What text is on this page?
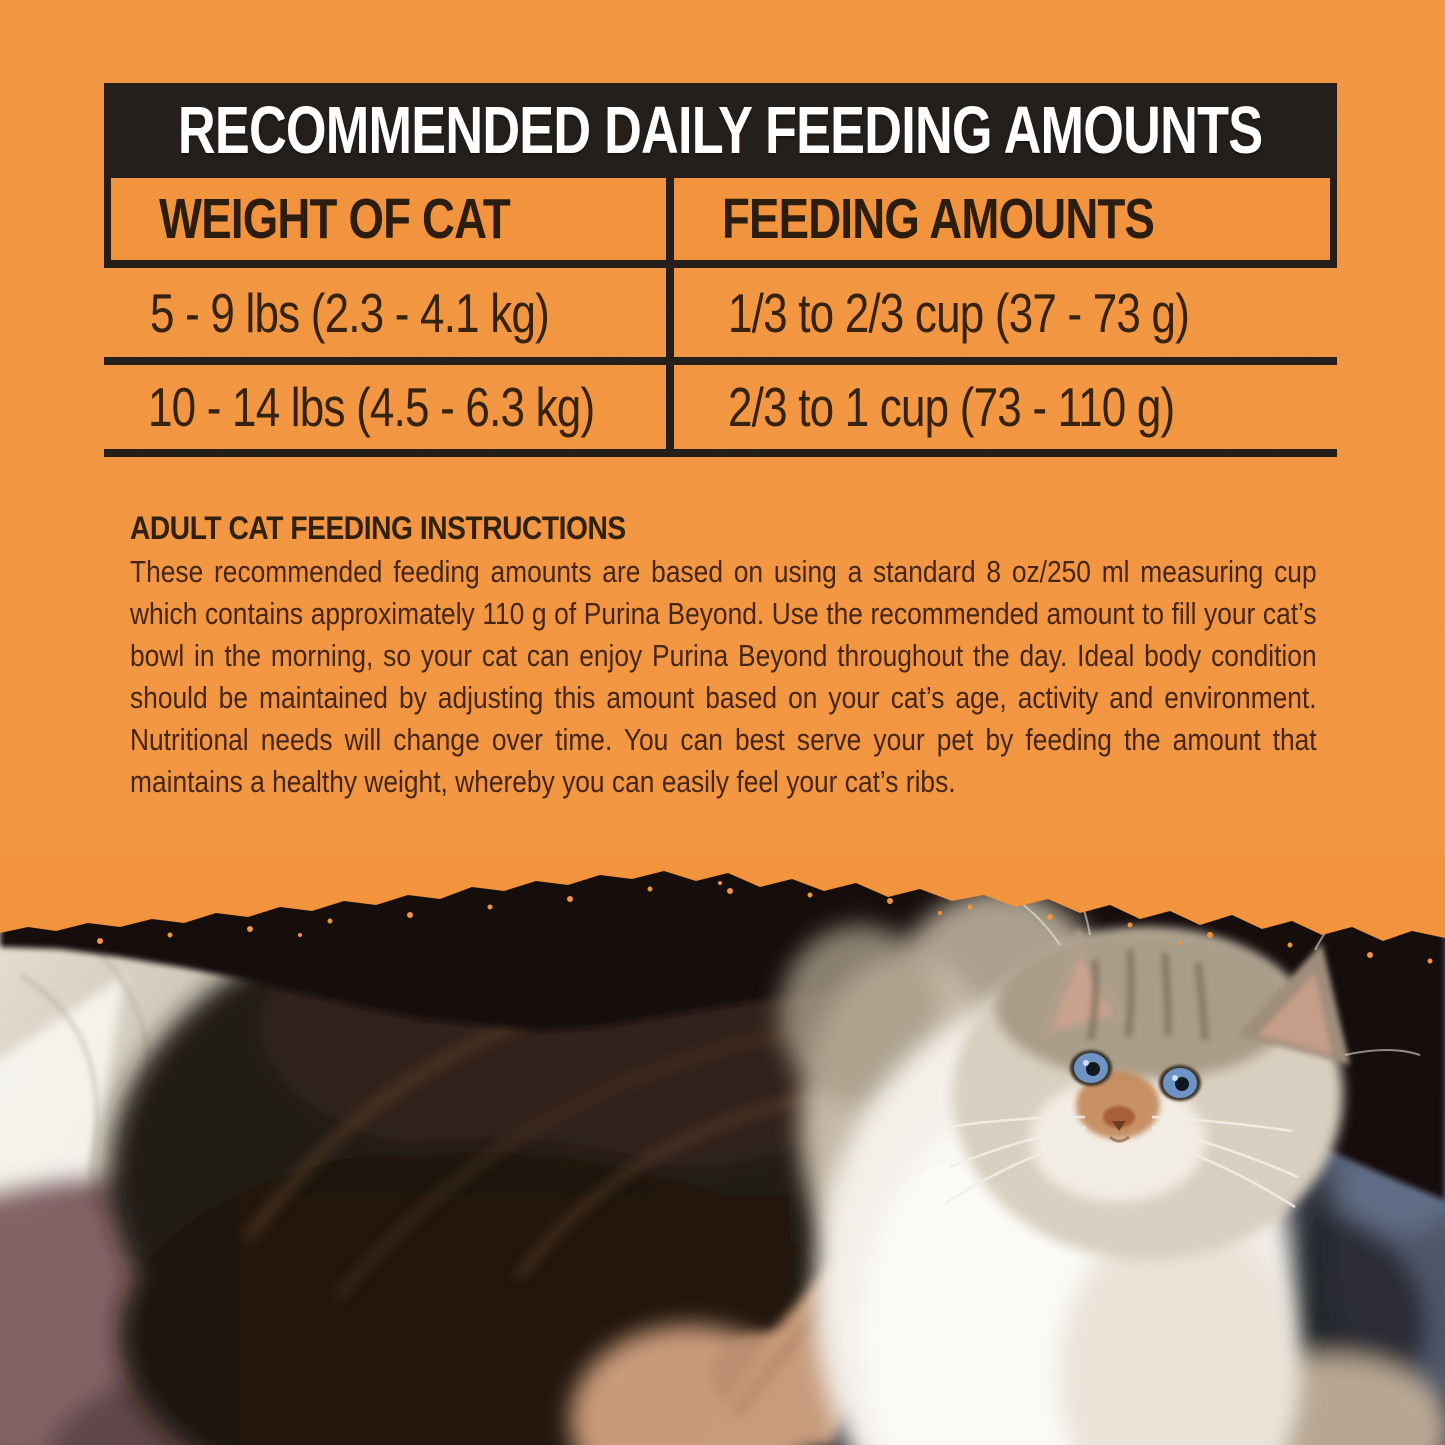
RECOMMENDED DAILY FEEDING AMOUNTS
WEIGHT OF CAT	FEEDING AMOUNTS
5 - 9 lbs (2.3 - 4.1 kg)	1/3 to 2/3 cup (37 - 73 g)
10 - 14 lbs (4.5 - 6.3 kg) 2/3 to 1 cup (73 - 110 g)
ADULT CAT FEEDING INSTRUCTIONS

These recommended feeding amounts are based on using a standard 8 oz/250 ml measuring cup which contains approximately 110 g of Purina Beyond. Use the recommended amount to fill your cat’s bowl in the morning, so your cat can enjoy Purina Beyond throughout the day. Ideal body condition should be maintained by adjusting this amount based on your cat’s age, activity and environment. Nutritional needs will change over time. You can best serve your pet by feeding the amount that maintains a healthy weight, whereby you can easily feel your cat’s ribs.
